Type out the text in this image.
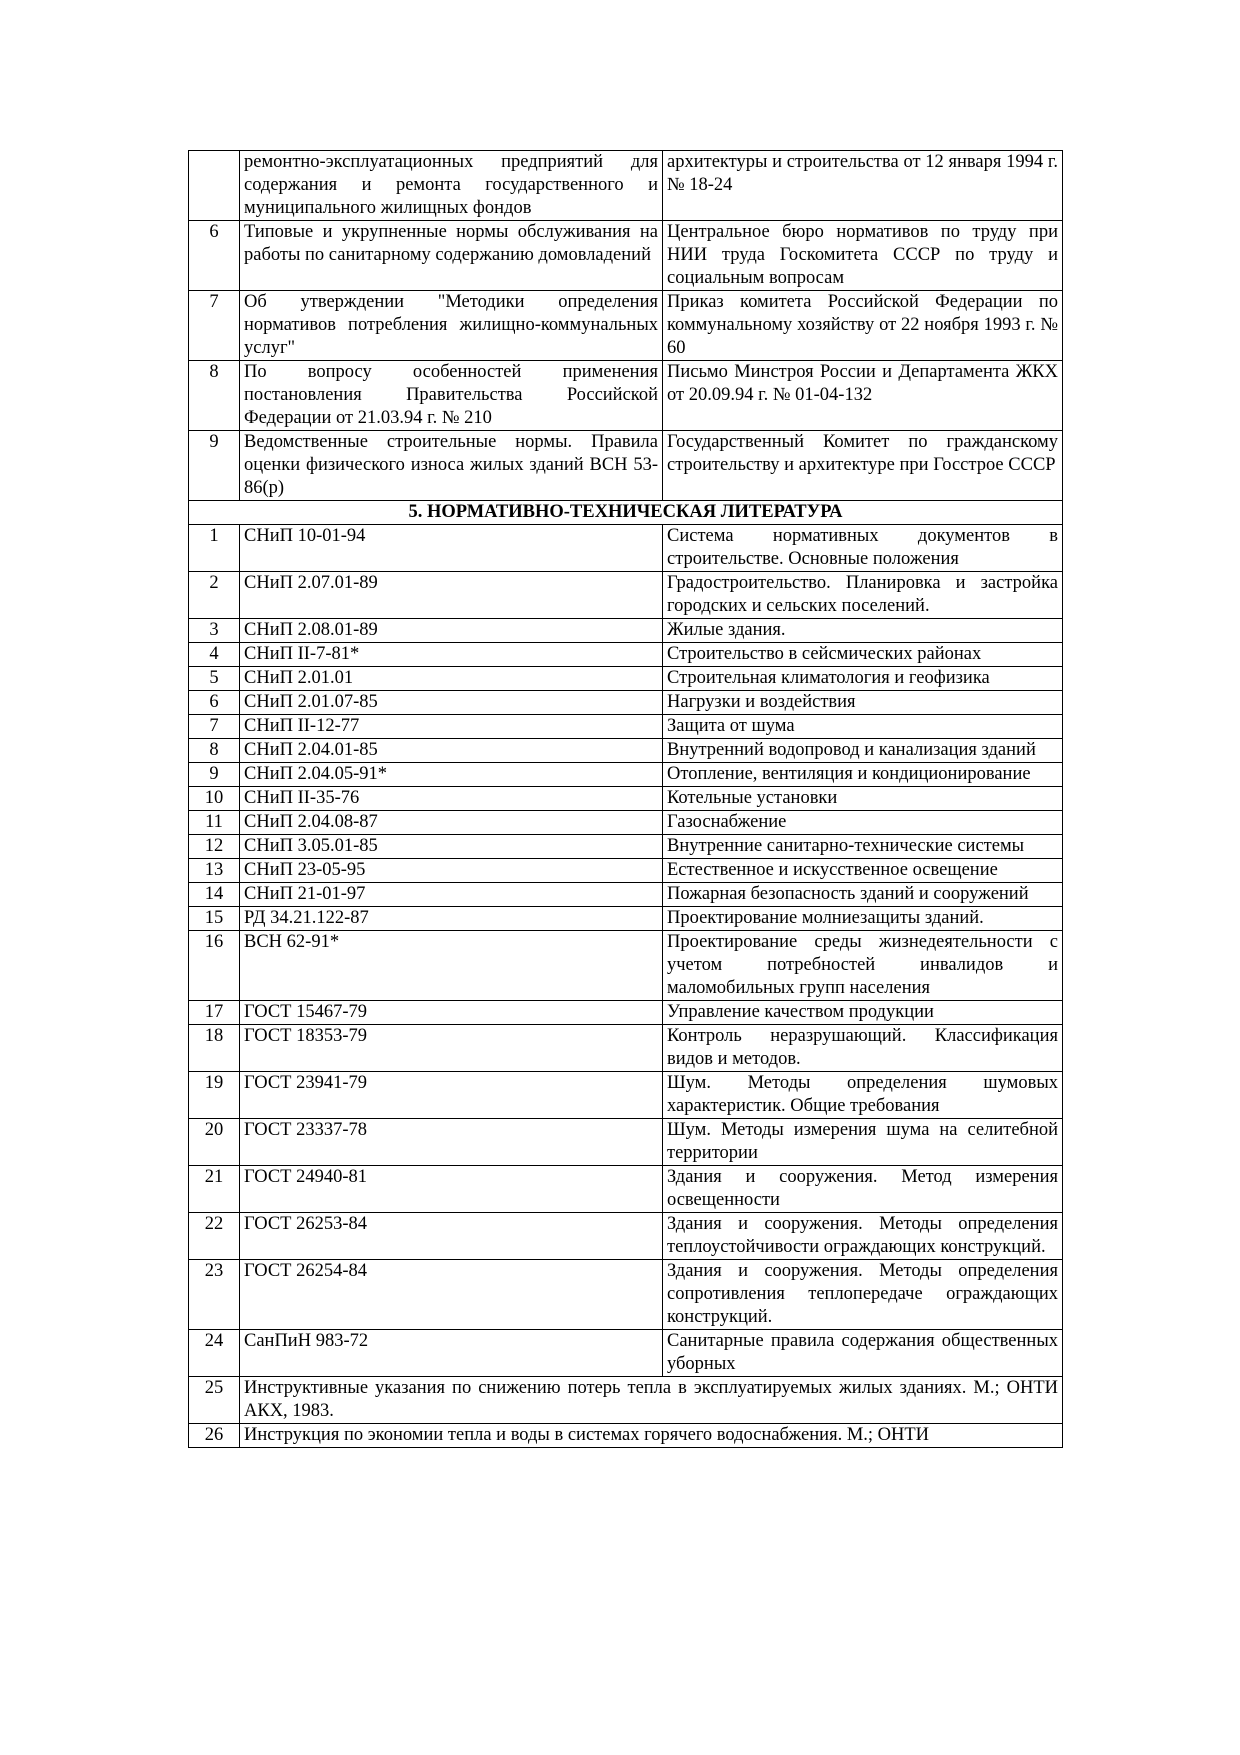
	ремонтно-эксплуатационных предприятий для содержания и ремонта государственного и муниципального жилищных фондов	архитектуры и строительства от 12 января 1994 г. № 18-24
6	Типовые и укрупненные нормы обслуживания на работы по санитарному содержанию домовладений	Центральное бюро нормативов по труду при НИИ труда Госкомитета СССР по труду и социальным вопросам
7	Об утверждении "Методики определения нормативов потребления жилищно-коммунальных услуг"	Приказ комитета Российской Федерации по коммунальному хозяйству от 22 ноября 1993 г. № 60
8	По вопросу особенностей применения постановления Правительства Российской Федерации от 21.03.94 г. № 210	Письмо Минстроя России и Департамента ЖКХ от 20.09.94 г. № 01-04-132
9	Ведомственные строительные нормы. Правила оценки физического износа жилых зданий ВСН 53-86(р)	Государственный Комитет по гражданскому строительству и архитектуре при Госстрое СССР
5. НОРМАТИВНО-ТЕХНИЧЕСКАЯ ЛИТЕРАТУРА		
1	СНиП 10-01-94	Система нормативных документов в строительстве. Основные положения
2	СНиП 2.07.01-89	Градостроительство. Планировка и застройка городских и сельских поселений.
3	СНиП 2.08.01-89	Жилые здания.
4	СНиП II-7-81*	Строительство в сейсмических районах
5	СНиП 2.01.01	Строительная климатология и геофизика
6	СНиП 2.01.07-85	Нагрузки и воздействия
7	СНиП II-12-77	Защита от шума
8	СНиП 2.04.01-85	Внутренний водопровод и канализация зданий
9	СНиП 2.04.05-91*	Отопление, вентиляция и кондиционирование
10	СНиП II-35-76	Котельные установки
11	СНиП 2.04.08-87	Газоснабжение
12	СНиП 3.05.01-85	Внутренние санитарно-технические системы
13	СНиП 23-05-95	Естественное и искусственное освещение
14	СНиП 21-01-97	Пожарная безопасность зданий и сооружений
15	РД 34.21.122-87	Проектирование молниезащиты зданий.
16	ВСН 62-91*	Проектирование среды жизнедеятельности с учетом потребностей инвалидов и маломобильных групп населения
17	ГОСТ 15467-79	Управление качеством продукции
18	ГОСТ 18353-79	Контроль неразрушающий. Классификация видов и методов.
19	ГОСТ 23941-79	Шум. Методы определения шумовых характеристик. Общие требования
20	ГОСТ 23337-78	Шум. Методы измерения шума на селитебной территории
21	ГОСТ 24940-81	Здания и сооружения. Метод измерения освещенности
22	ГОСТ 26253-84	Здания и сооружения. Методы определения теплоустойчивости ограждающих конструкций.
23	ГОСТ 26254-84	Здания и сооружения. Методы определения сопротивления теплопередаче ограждающих конструкций.
24	СанПиН 983-72	Санитарные правила содержания общественных уборных
25	Инструктивные указания по снижению потерь тепла в эксплуатируемых жилых зданиях. М.; ОНТИ АКХ, 1983.	
26	Инструкция по экономии тепла и воды в системах горячего водоснабжения. М.; ОНТИ	
